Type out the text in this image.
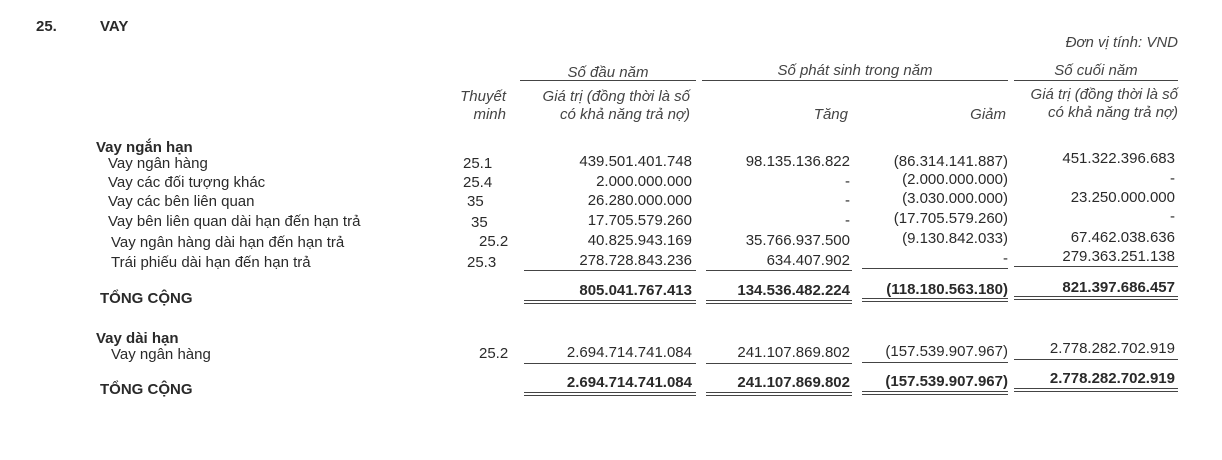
25.	VAY
Đơn vị tính: VND
Số đầu năm	Số phát sinh trong năm	Số cuối năm
Thuyết
minh
Giá trị (đồng thời là số
có khả năng trả nợ)	Tăng	Giảm
Giá trị (đồng thời là số
có khả năng trả nợ)
Vay ngắn hạn
Vay ngân hàng	25.1	439.501.401.748	98.135.136.822	(86.314.141.887)	451.322.396.683
Vay các đối tượng khác	25.4	2.000.000.000	-	(2.000.000.000)	-
Vay các bên liên quan	35	26.280.000.000	-	(3.030.000.000)	23.250.000.000
Vay bên liên quan dài hạn đến hạn trả	35	17.705.579.260	-	(17.705.579.260)	-
Vay ngân hàng dài hạn đến hạn trả	25.2	40.825.943.169	35.766.937.500	(9.130.842.033)	67.462.038.636
Trái phiếu dài hạn đến hạn trả	25.3	278.728.843.236	634.407.902	-	279.363.251.138
TỔNG CỘNG	805.041.767.413	134.536.482.224	(118.180.563.180)	821.397.686.457
Vay dài hạn
Vay ngân hàng	25.2	2.694.714.741.084	241.107.869.802	(157.539.907.967)	2.778.282.702.919
TỔNG CỘNG	2.694.714.741.084	241.107.869.802	(157.539.907.967)	2.778.282.702.919
